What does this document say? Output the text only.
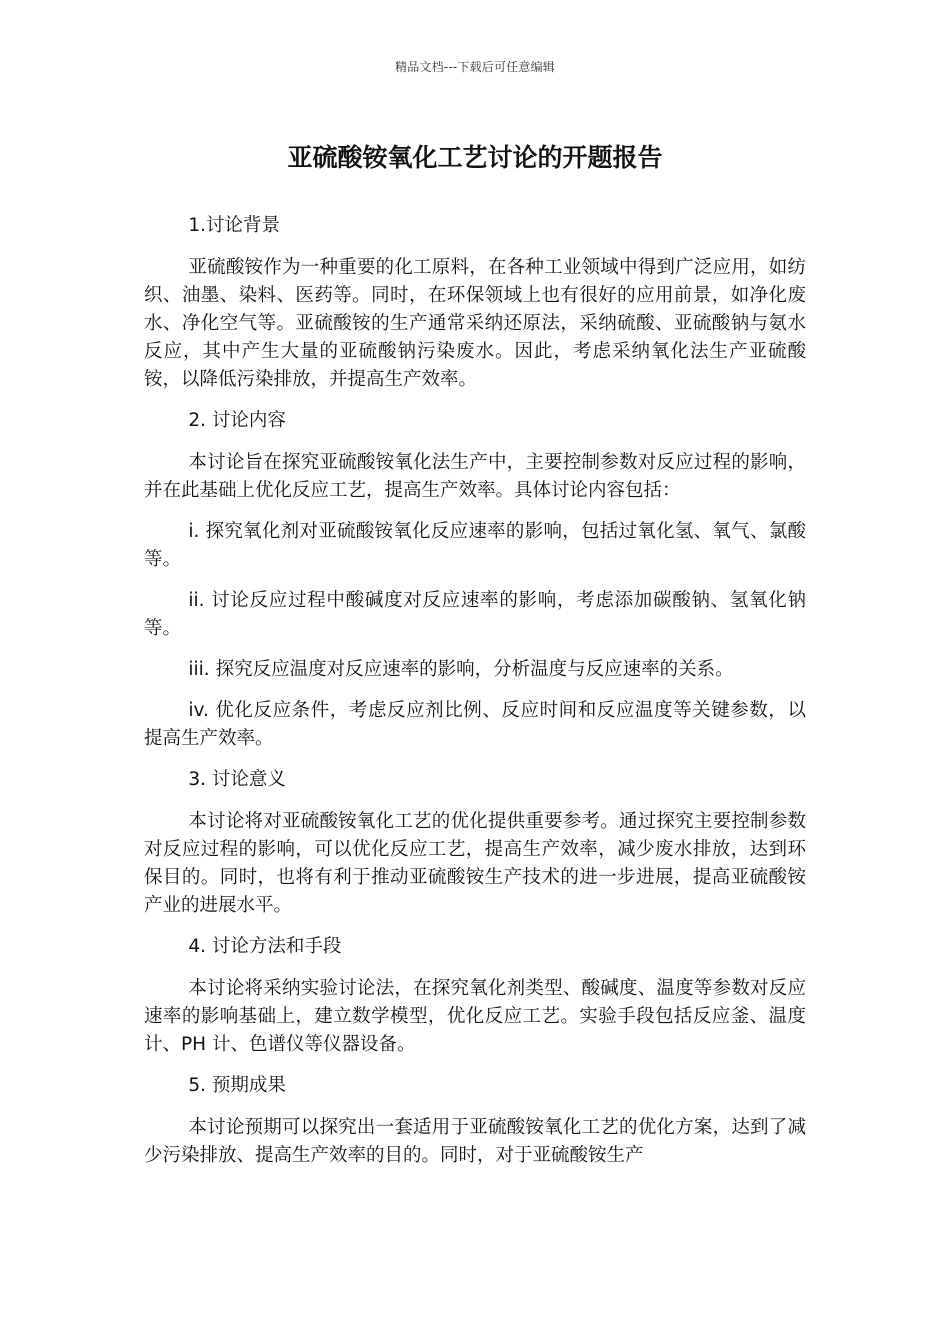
精品文档---下载后可任意编辑
亚硫酸铵氧化工艺讨论的开题报告

1.讨论背景

亚硫酸铵作为一种重要的化工原料，在各种工业领域中得到广泛应用，如纺织、油墨、染料、医药等。同时，在环保领域上也有很好的应用前景，如净化废水、净化空气等。亚硫酸铵的生产通常采纳还原法，采纳硫酸、亚硫酸钠与氨水反应，其中产生大量的亚硫酸钠污染废水。因此，考虑采纳氧化法生产亚硫酸铵，以降低污染排放，并提高生产效率。

2. 讨论内容

本讨论旨在探究亚硫酸铵氧化法生产中，主要控制参数对反应过程的影响，并在此基础上优化反应工艺，提高生产效率。具体讨论内容包括：

i. 探究氧化剂对亚硫酸铵氧化反应速率的影响，包括过氧化氢、氧气、氯酸等。

ii. 讨论反应过程中酸碱度对反应速率的影响，考虑添加碳酸钠、氢氧化钠等。

iii. 探究反应温度对反应速率的影响，分析温度与反应速率的关系。

iv. 优化反应条件，考虑反应剂比例、反应时间和反应温度等关键参数，以提高生产效率。

3. 讨论意义

本讨论将对亚硫酸铵氧化工艺的优化提供重要参考。通过探究主要控制参数对反应过程的影响，可以优化反应工艺，提高生产效率，减少废水排放，达到环保目的。同时，也将有利于推动亚硫酸铵生产技术的进一步进展，提高亚硫酸铵产业的进展水平。

4. 讨论方法和手段

本讨论将采纳实验讨论法，在探究氧化剂类型、酸碱度、温度等参数对反应速率的影响基础上，建立数学模型，优化反应工艺。实验手段包括反应釜、温度计、PH 计、色谱仪等仪器设备。

5. 预期成果

本讨论预期可以探究出一套适用于亚硫酸铵氧化工艺的优化方案，达到了减少污染排放、提高生产效率的目的。同时，对于亚硫酸铵生产
